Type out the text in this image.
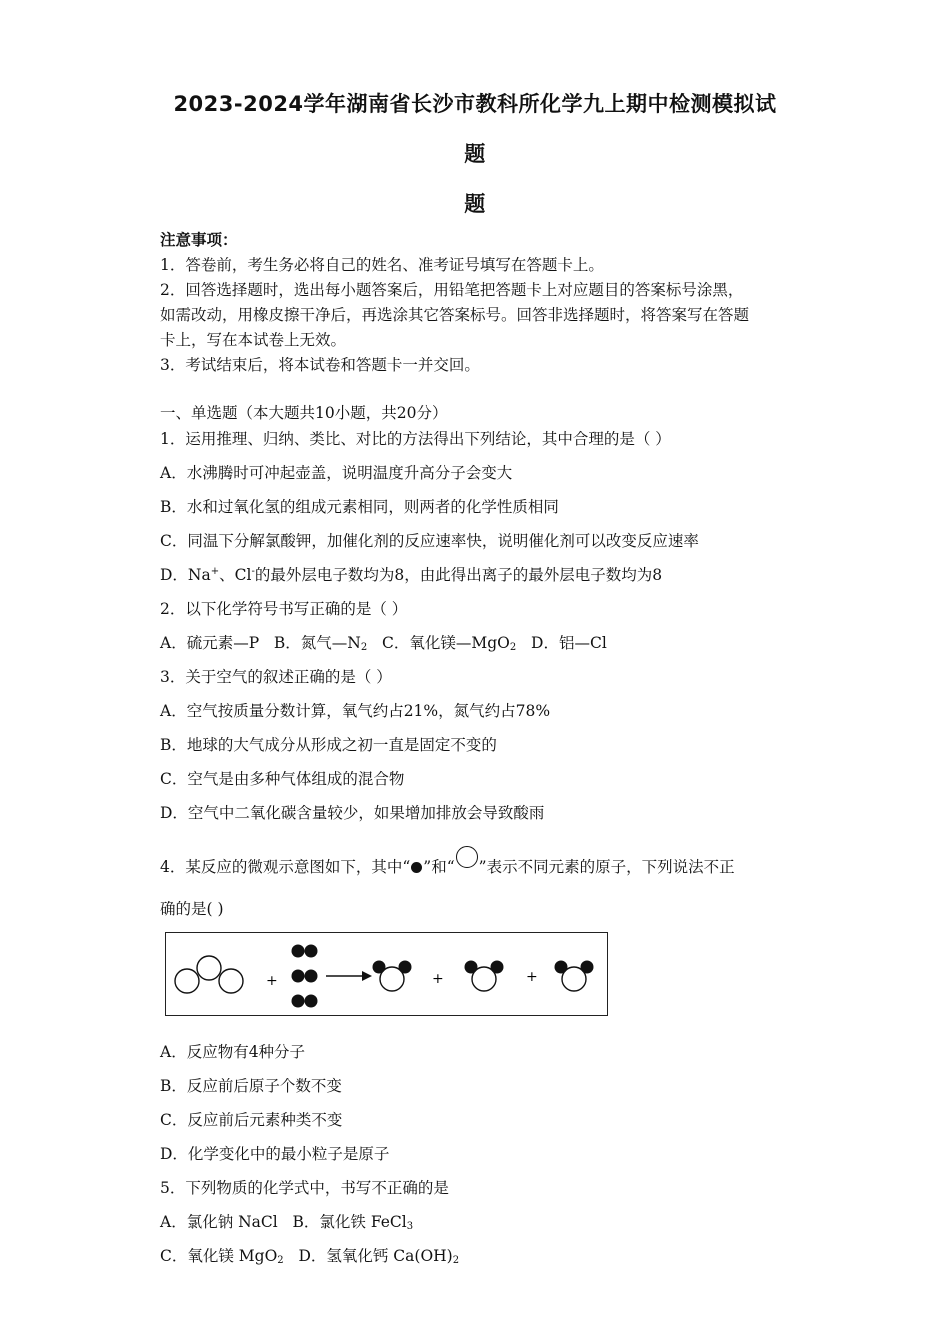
2023-2024学年湖南省长沙市教科所化学九上期中检测模拟试
题
题
注意事项：
1．答卷前，考生务必将自己的姓名、准考证号填写在答题卡上。
2．回答选择题时，选出每小题答案后，用铅笔把答题卡上对应题目的答案标号涂黑，
如需改动，用橡皮擦干净后，再选涂其它答案标号。回答非选择题时，将答案写在答题
卡上，写在本试卷上无效。
3．考试结束后，将本试卷和答题卡一并交回。
一、单选题（本大题共10小题，共20分）
1．运用推理、归纳、类比、对比的方法得出下列结论，其中合理的是（ ）
A．水沸腾时可冲起壶盖，说明温度升高分子会变大
B．水和过氧化氢的组成元素相同，则两者的化学性质相同
C．同温下分解氯酸钾，加催化剂的反应速率快，说明催化剂可以改变反应速率
D．Na+、Cl-的最外层电子数均为8，由此得出离子的最外层电子数均为8
2．以下化学符号书写正确的是（ ）
A．硫元素—P B．氮气$—N_2$ C．氧化镁—MgO$_2$ D．铝—Cl
3．关于空气的叙述正确的是（ ）
A．空气按质量分数计算，氧气约占21%，氮气约占78%
B．地球的大气成分从形成之初一直是固定不变的
C．空气是由多种气体组成的混合物
D．空气中二氧化碳含量较少，如果增加排放会导致酸雨
4．某反应的微观示意图如下，其中“ ”和“ ”表示不同元素的原子，下列说法不正
确的是( )
+	+	+
A．反应物有4种分子
B．反应前后原子个数不变
C．反应前后元素种类不变
D．化学变化中的最小粒子是原子
5．下列物质的化学式中，书写不正确的是
A．氯化钠 NaCl B．氯化铁 FeCl$_3$
C．氧化镁 MgO$_2$ D．氢氧化钙 $Ca(OH)_2$
